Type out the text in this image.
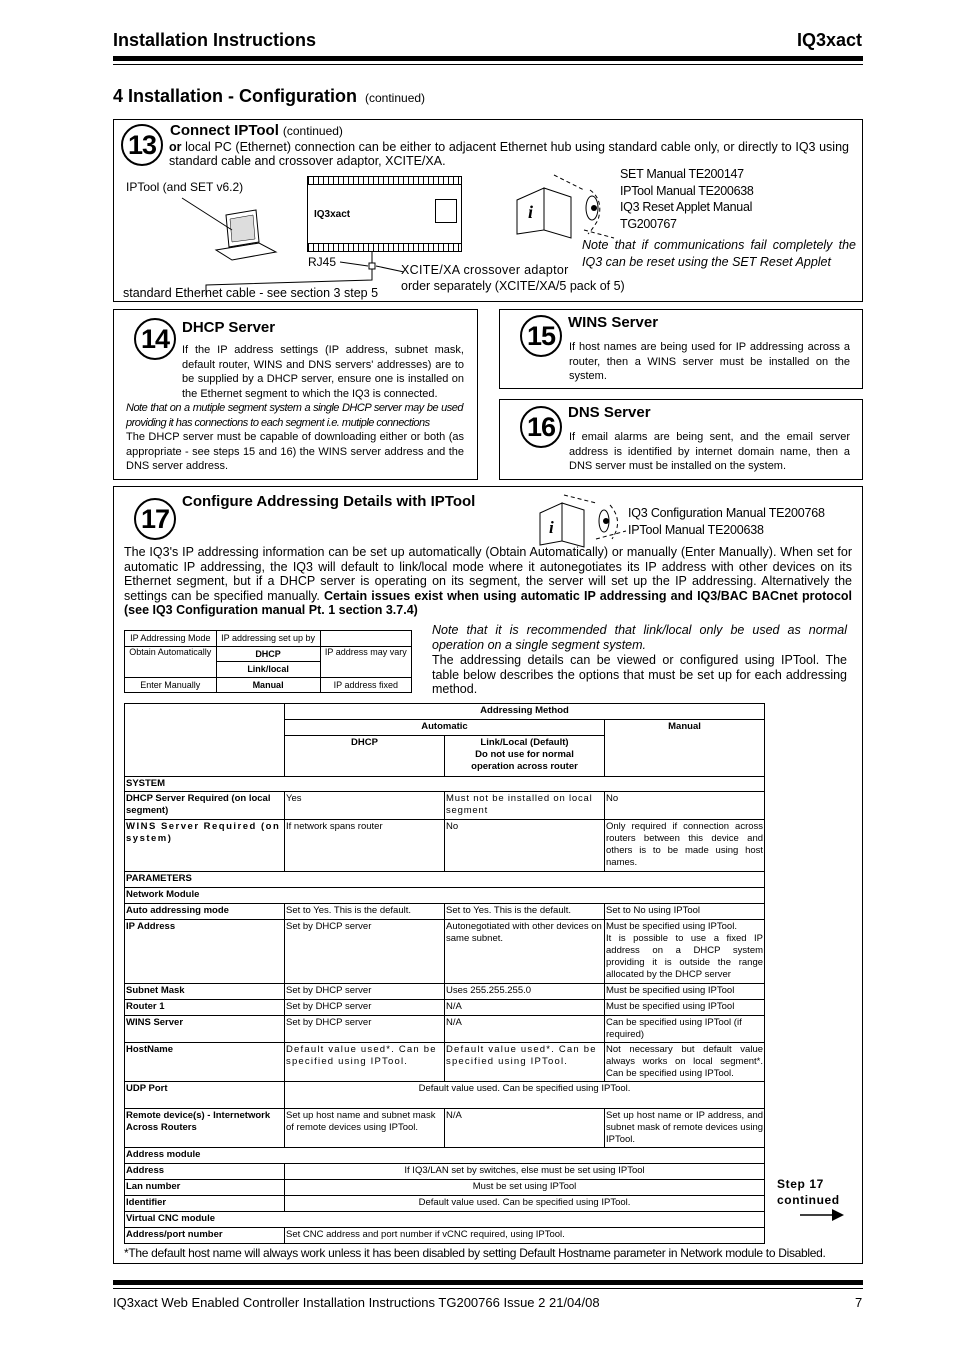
Installation Instructions	IQ3xact
4 Installation - Configuration (continued)
13 Connect IPTool (continued)
or local PC (Ethernet) connection can be either to adjacent Ethernet hub using standard cable only, or directly to IQ3 using standard cable and crossover adaptor, XCITE/XA.
IPTool (and SET v6.2)
IQ3xact	i
RJ45
XCITE/XA crossover adaptor
order separately (XCITE/XA/5 pack of 5)
standard Ethernet cable - see section 3 step 5
SET Manual TE200147
IPTool Manual TE200638
IQ3 Reset Applet Manual
TG200767
Note that if communications fail completely the IQ3 can be reset using the SET Reset Applet
14 DHCP Server
If the IP address settings (IP address, subnet mask, default router, WINS and DNS servers' addresses) are to be supplied by a DHCP server, ensure one is installed on the Ethernet segment to which the IQ3 is connected.
Note that on a mutiple segment system a single DHCP server may be used providing it has connections to each segment i.e. mutiple connections
The DHCP server must be capable of downloading either or both (as appropriate - see steps 15 and 16) the WINS server address and the DNS server address.
15 WINS Server
If host names are being used for IP addressing across a router, then a WINS server must be installed on the system.
16 DNS Server
If email alarms are being sent, and the email server address is identified by internet domain name, then a DNS server must be installed on the system.
17
Configure Addressing Details with IPTool
i
IQ3 Configuration Manual TE200768
IPTool Manual TE200638
The IQ3's IP addressing information can be set up automatically (Obtain Automatically) or manually (Enter Manually). When set for automatic IP addressing, the IQ3 will default to link/local mode where it autonegotiates its IP address with other devices on its Ethernet segment, but if a DHCP server is operating on its segment, the server will set up the IP addressing. Alternatively the settings can be specified manually. Certain issues exist when using automatic IP addressing and IQ3/BAC BACnet protocol (see IQ3 Configuration manual Pt. 1 section 3.7.4)
IP Addressing Mode	IP addressing set up by	
Obtain Automatically	DHCP	IP address may vary
	Link/local	
Enter Manually	Manual	IP address fixed
Note that it is recommended that link/local only be used as normal operation on a single segment system.
The addressing details can be viewed or configured using IPTool. The table below describes the options that must be set up for each addressing method.
Step 17
continued
*The default host name will always work unless it has been disabled by setting Default Hostname parameter in Network module to Disabled.
	Addressing Method		
	Automatic		Manual
	DHCP	Link/Local (Default)
Do not use for normal operation across router	
SYSTEM			
DHCP Server Required (on local segment)	Yes	Must not be installed on local segment	No
WINS Server Required (on system)	If network spans router	No	Only required if connection across routers between this device and others is to be made using host names.
PARAMETERS			
Network Module			
Auto addressing mode	Set to Yes. This is the default.	Set to Yes. This is the default.	Set to No using IPTool
IP Address	Set by DHCP server	Autonegotiated with other devices on same subnet.	Must be specified using IPTool.
It is possible to use a fixed IP address on a DHCP system providing it is outside the range allocated by the DHCP server
Subnet Mask	Set by DHCP server	Uses 255.255.255.0	Must be specified using IPTool
Router 1	Set by DHCP server	N/A	Must be specified using IPTool
WINS Server	Set by DHCP server	N/A	Can be specified using IPTool (if required)
HostName	Default value used*. Can be specified using IPTool.	Default value used*. Can be specified using IPTool.	Not necessary but default value always works on local segment*. Can be specified using IPTool.
UDP Port	Default value used. Can be specified using IPTool.		
Remote device(s) - Internetwork Across Routers	Set up host name and subnet mask of remote devices using IPTool.	N/A	Set up host name or IP address, and subnet mask of remote devices using IPTool.
Address module			
Address	If IQ3/LAN set by switches, else must be set using IPTool		
Lan number	Must be set using IPTool		
Identifier	Default value used. Can be specified using IPTool.		
Virtual CNC module			
Address/port number	Set CNC address and port number if vCNC required, using IPTool.		
IQ3xact Web Enabled Controller Installation Instructions TG200766 Issue 2 21/04/08	7
